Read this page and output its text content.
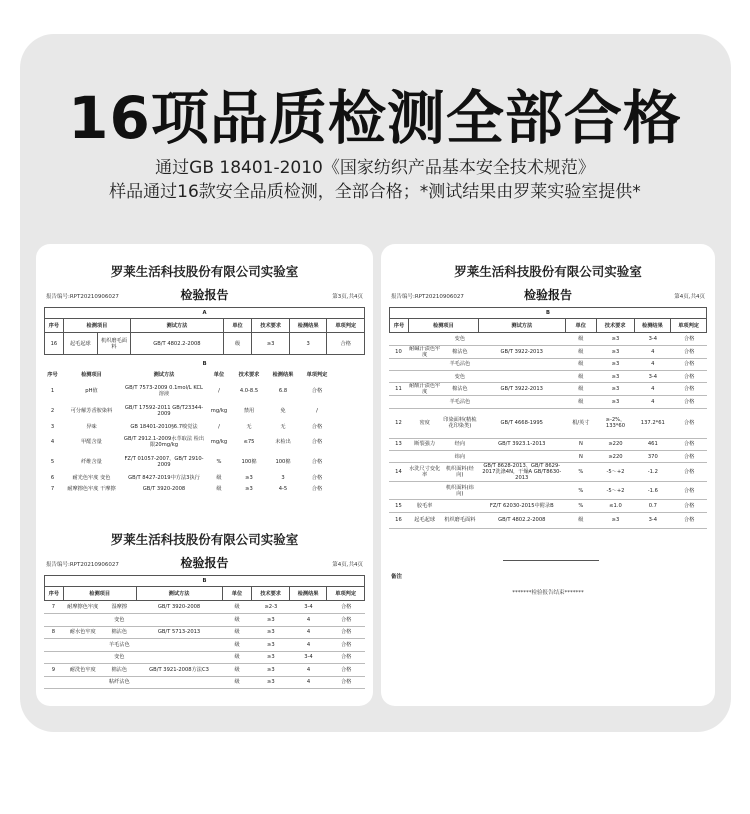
16项品质检测全部合格
通过GB 18401-2010《国家纺织产品基本安全技术规范》
样品通过16款安全品质检测，全部合格；*测试结果由罗莱实验室提供*
罗莱生活科技股份有限公司实验室
报告编号:RPT20210906027	检验报告	第3页,共4页
A							
序号	检测项目		测试方法	单位	技术要求	检测结果	单项判定
16	起毛起球	机织磨毛面料	GB/T 4802.2-2008	级	≥3	3	合格
B							
序号	检测项目	测试方法	单位	技术要求	检测结果	单项判定	
1	pH值	GB/T 7573-2009 0.1mol/L KCL溶液	/	4.0-8.5	6.8	合格	
2	可分解芳香胺染料	GB/T 17592-2011 GB/T23344-2009	mg/kg	禁用	免	/	
3	异味	GB 18401-2010§6.7嗅觉法	/	无	无	合格	
4	甲醛含量	GB/T 2912.1-2009水萃取法 检出限20mg/kg	mg/kg	≤75	未检出	合格	
5	纤维含量	FZ/T 01057-2007、GB/T 2910-2009	%	100棉	100棉	合格	
6	耐光色牢度 变色	GB/T 8427-2019中方法3执行	级	≥3	3	合格	
7	耐摩擦色牢度 干摩擦	GB/T 3920-2008	级	≥3	4-5	合格	
罗莱生活科技股份有限公司实验室
报告编号:RPT20210906027	检验报告	第4页,共4页
B
序号	检测项目	测试方法	单位	技术要求	检测结果	单项判定
7	耐摩擦色牢度	湿摩擦	GB/T 3920-2008	级	≥2-3	3-4	合格
		变色		级	≥3	4	合格
8	耐水色牢度	棉沾色	GB/T 5713-2013	级	≥3	4	合格
		羊毛沾色		级	≥3	4	合格
		变色		级	≥3	3-4	合格
9	耐洗色牢度	棉沾色	GB/T 3921-2008方法C3	级	≥3	4	合格
		粘纤沾色		级	≥3	4	合格
罗莱生活科技股份有限公司实验室
报告编号:RPT20210906027	检验报告	第4页,共4页
B
序号	检测项目	测试方法	单位	技术要求	检测结果	单项判定
		变色		级	≥3	3-4	合格
10	耐碱汗渍色牢度	棉沾色	GB/T 3922-2013	级	≥3	4	合格
		羊毛沾色		级	≥3	4	合格
		变色		级	≥3	3-4	合格
11	耐酸汗渍色牢度	棉沾色	GB/T 3922-2013	级	≥3	4	合格
		羊毛沾色		级	≥3	4	合格
12	密度	印染面料(精梳花印染类)	GB/T 4668-1995	根/英寸	≥-2%，133*60	137.2*61	合格
13	断裂强力	经向	GB/T 3923.1-2013	N	≥220	461	合格
		纬向		N	≥220	370	合格
14	水洗尺寸变化率	机织面料(经向)	GB/T 8628-2013、GB/T 8629-2017洗涤4N，干燥A GB/T8630-2013	%	-5～+2	-1.2	合格
		机织面料(纬向)		%	-5～+2	-1.6	合格
15	胶毛率		FZ/T 62030-2015中附录B	%	≤1.0	0.7	合格
16	起毛起球	机织磨毛面料	GB/T 4802.2-2008	级	≥3	3-4	合格
备注
*******检验报告结束*******
